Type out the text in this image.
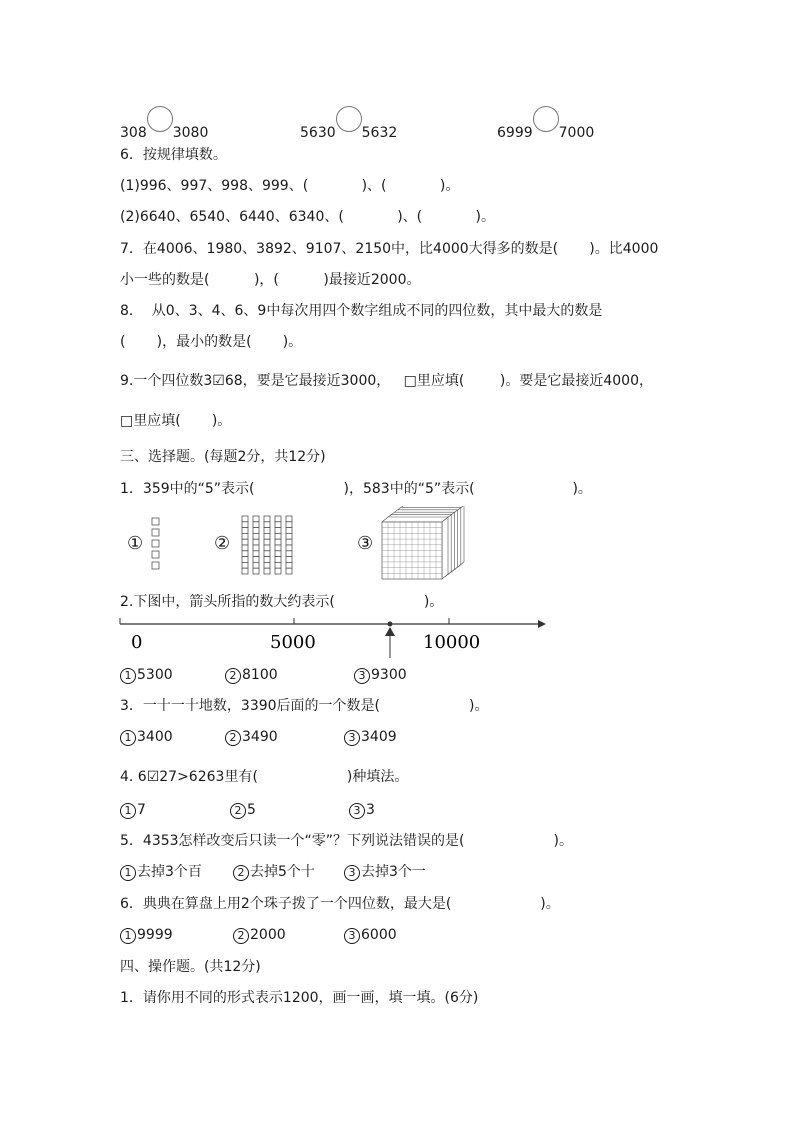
308 3080	5630 5632	6999 7000
6．按规律填数。
(1)996、997、998、999、(            )、(            )。
(2)6640、6540、6440、6340、(            )、(            )。
7．在4006、1980、3892、9107、2150中，比4000大得多的数是(       )。比4000
小一些的数是(          )，(          )最接近2000。
8．  从0、3、4、6、9中每次用四个数字组成不同的四位数，其中最大的数是
(       )，最小的数是(       )。
9.一个四位数3☑68，要是它最接近3000，   □里应填(        )。要是它最接近4000，
□里应填(       )。
三、选择题。(每题2分，共12分)
1．359中的“5”表示(                    )，583中的“5”表示(                      )。
①	②	③
2.下图中，箭头所指的数大约表示(                    )。
0	5000	10000
1 5300	2 8100	3 9300
3．一十一十地数，3390后面的一个数是(                    )。
1 3400	2 3490	3 3409
4. 6☑27>6263里有(                    )种填法。
1 7	2 5	3 3
5．4353怎样改变后只读一个“零”？下列说法错误的是(                    )。
1 去掉3个百	2 去掉5个十	3 去掉3个一
6．典典在算盘上用2个珠子拨了一个四位数，最大是(                    )。
1 9999	2 2000	3 6000
四、操作题。(共12分)
1．请你用不同的形式表示1200，画一画，填一填。(6分)
